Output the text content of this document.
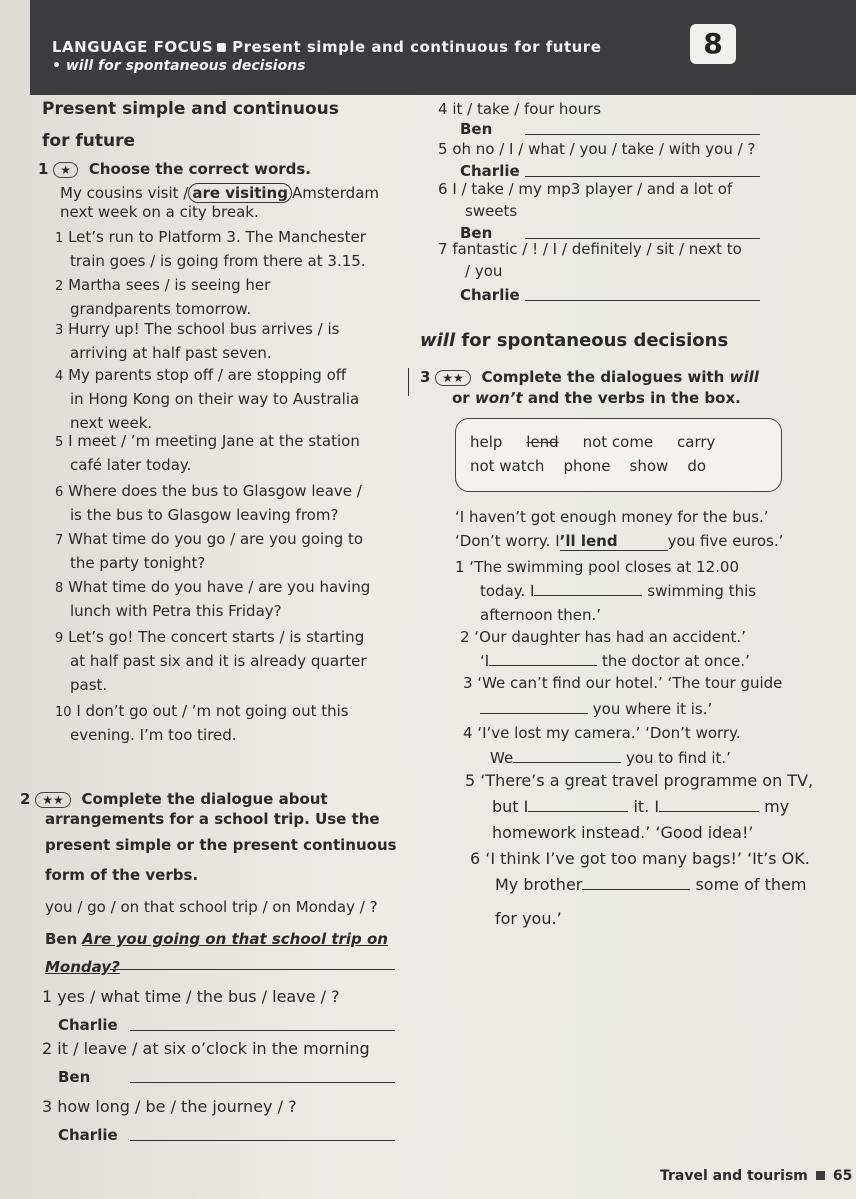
LANGUAGE FOCUS Present simple and continuous for future
• will for spontaneous decisions
8
Present simple and continuous
for future
1 ★ Choose the correct words.
My cousins visit / are visiting Amsterdam
next week on a city break.
1 Let’s run to Platform 3. The Manchester
train goes / is going from there at 3.15.
2 Martha sees / is seeing her
grandparents tomorrow.
3 Hurry up! The school bus arrives / is
arriving at half past seven.
4 My parents stop off / are stopping off
in Hong Kong on their way to Australia
next week.
5 I meet / ’m meeting Jane at the station
café later today.
6 Where does the bus to Glasgow leave /
is the bus to Glasgow leaving from?
7 What time do you go / are you going to
the party tonight?
8 What time do you have / are you having
lunch with Petra this Friday?
9 Let’s go! The concert starts / is starting
at half past six and it is already quarter
past.
10 I don’t go out / ’m not going out this
evening. I’m too tired.
2 ★★ Complete the dialogue about
arrangements for a school trip. Use the
present simple or the present continuous
form of the verbs.
you / go / on that school trip / on Monday / ?
Ben Are you going on that school trip on
Monday?
1 yes / what time / the bus / leave / ?
Charlie
2 it / leave / at six o’clock in the morning
Ben
3 how long / be / the journey / ?
Charlie
4 it / take / four hours
Ben
5 oh no / I / what / you / take / with you / ?
Charlie
6 I / take / my mp3 player / and a lot of
sweets
Ben
7 fantastic / ! / I / definitely / sit / next to
/ you
Charlie
will for spontaneous decisions
3 ★★ Complete the dialogues with will
or won’t and the verbs in the box.
help lend not come carry
not watch phone show do
‘I haven’t got enough money for the bus.’
‘Don’t worry. I’ll lend	you five euros.’
1 ‘The swimming pool closes at 12.00
today. I	swimming this
afternoon then.’
2 ‘Our daughter has had an accident.’
‘I	the doctor at once.’
3 ‘We can’t find our hotel.’ ‘The tour guide
you where it is.’
4 ‘I’ve lost my camera.’ ‘Don’t worry.
We	you to find it.’
5 ‘There’s a great travel programme on TV,
but I	it. I	my
homework instead.’ ‘Good idea!’
6 ‘I think I’ve got too many bags!’ ‘It’s OK.
My brother	some of them
for you.’
Travel and tourism 65
